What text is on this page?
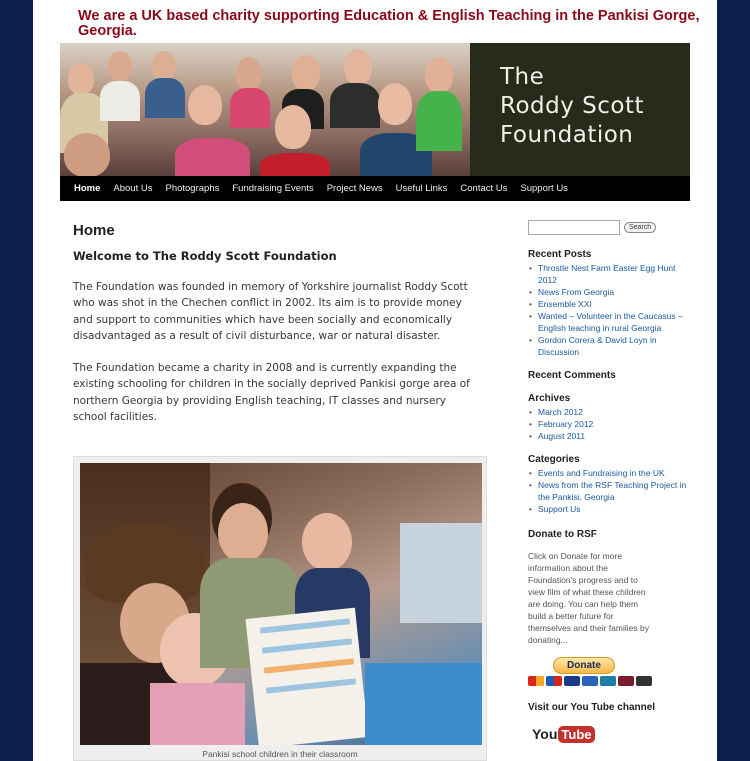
We are a UK based charity supporting Education & English Teaching in the Pankisi Gorge, Georgia.
The
Roddy Scott
Foundation
Home About Us Photographs Fundraising Events Project News Useful Links Contact Us Support Us
Home
Welcome to The Roddy Scott Foundation

The Foundation was founded in memory of Yorkshire journalist Roddy Scott who was shot in the Chechen conflict in 2002. Its aim is to provide money and support to communities which have been socially and economically disadvantaged as a result of civil disturbance, war or natural disaster.

The Foundation became a charity in 2008 and is currently expanding the existing schooling for children in the socially deprived Pankisi gorge area of northern Georgia by providing English teaching, IT classes and nursery school facilities.

Pankisi school children in their classroom
Search
Recent Posts
• Throstle Nest Farm Easter Egg Hunt 2012
• News From Georgia
• Ensemble XXI
• Wanted – Volunteer in the Caucasus – English teaching in rural Georgia
• Gordon Corera & David Loyn in Discussion
Recent Comments
Archives
• March 2012
• February 2012
• August 2011
Categories
• Events and Fundraising in the UK
• News from the RSF Teaching Project in the Pankisi, Georgia
• Support Us
Donate to RSF
Click on Donate for more information about the Foundation's progress and to view film of what these children are doing. You can help them build a better future for themselves and their families by donating...
Donate
Visit our You Tube channel
You Tube
